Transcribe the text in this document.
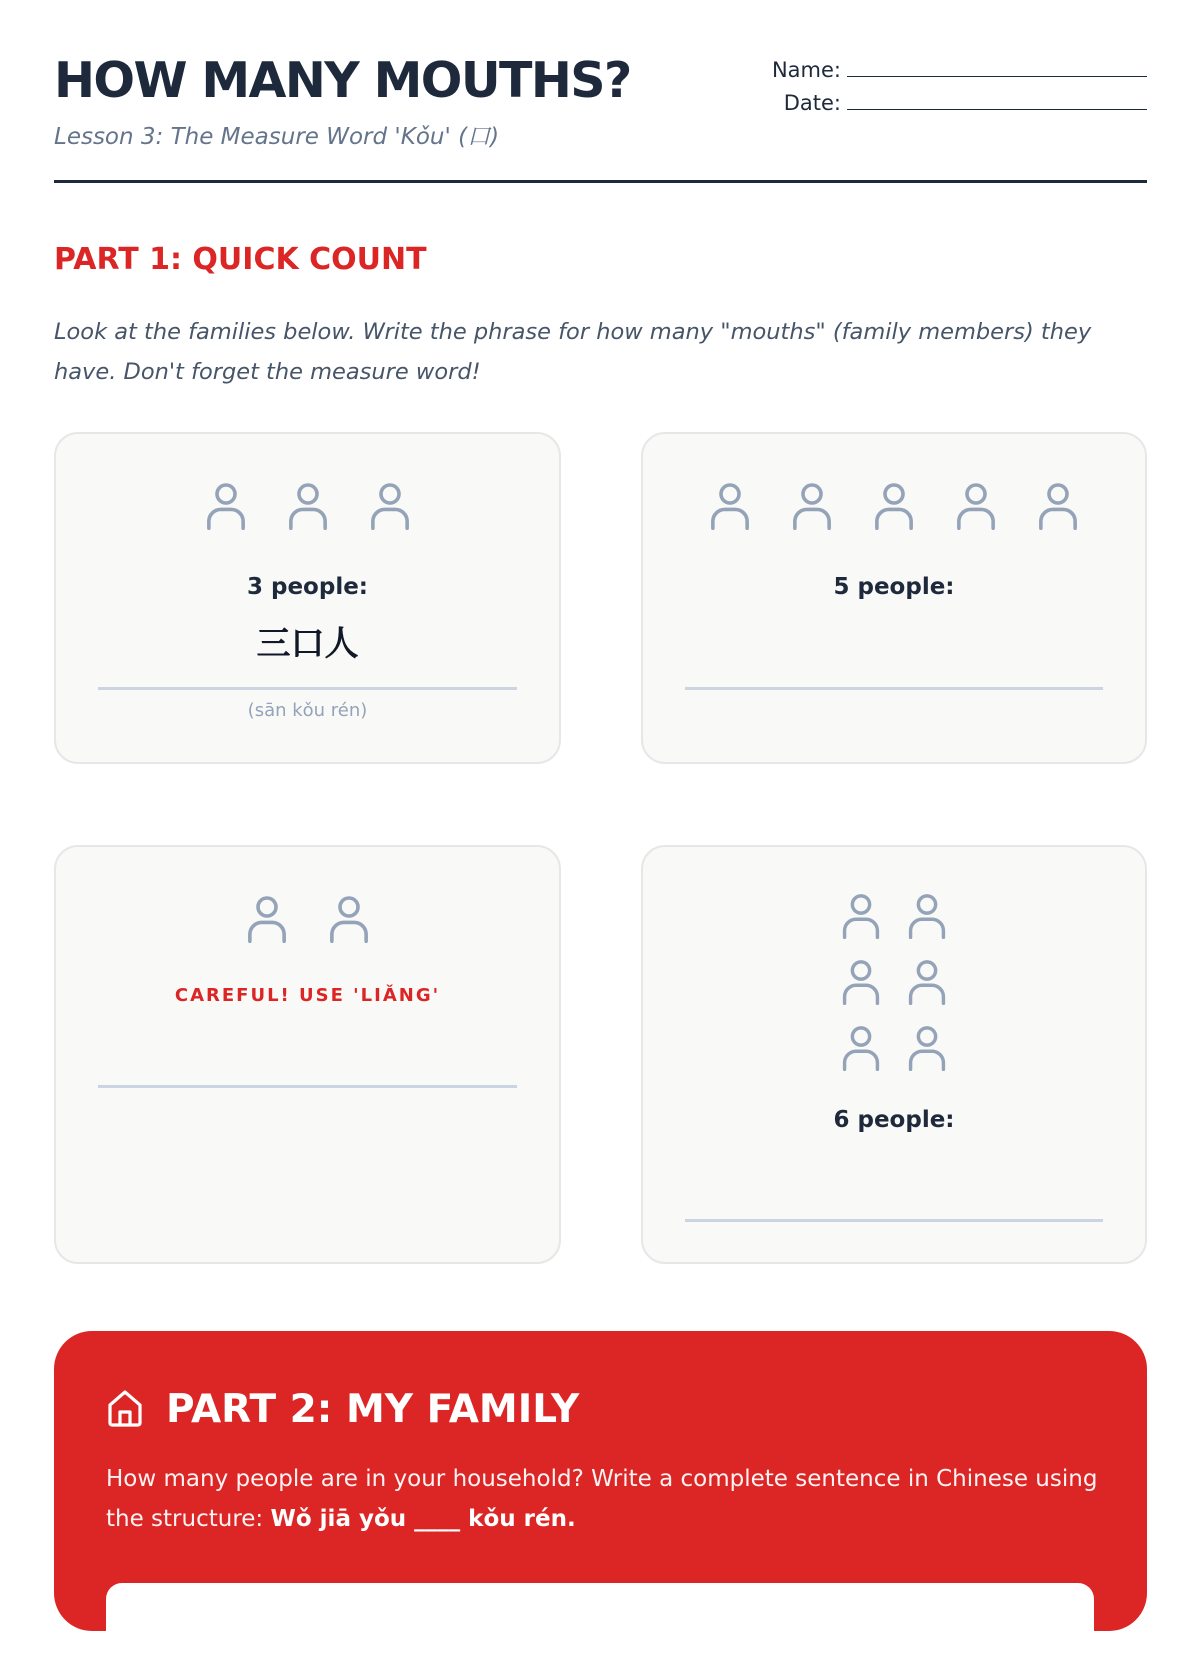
HOW MANY MOUTHS?
Lesson 3: The Measure Word 'Kǒu' (口)
Name:
Date:
PART 1: QUICK COUNT
Look at the families below. Write the phrase for how many "mouths" (family members) they have. Don't forget the measure word!
3 people:
三口人
(sān kǒu rén)
5 people:
CAREFUL! USE 'LIǍNG'
6 people:
PART 2: MY FAMILY
How many people are in your household? Write a complete sentence in Chinese using the structure: Wǒ jiā yǒu ____ kǒu rén.
